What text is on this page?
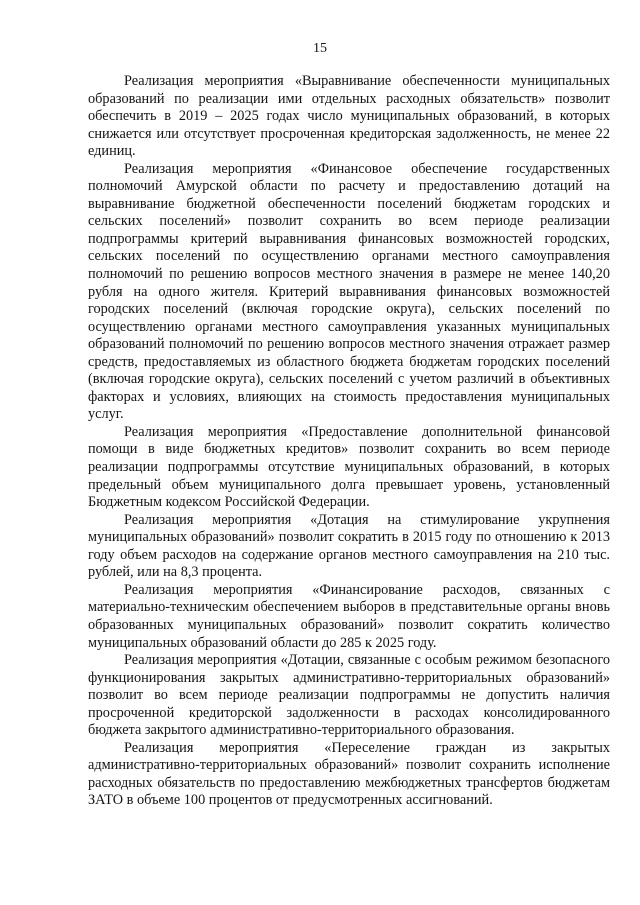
15

Реализация мероприятия «Выравнивание обеспеченности муниципальных образований по реализации ими отдельных расходных обязательств» позволит обеспечить в 2019 – 2025 годах число муниципальных образований, в которых снижается или отсутствует просроченная кредиторская задолженность, не менее 22 единиц.

Реализация мероприятия «Финансовое обеспечение государственных полномочий Амурской области по расчету и предоставлению дотаций на выравнивание бюджетной обеспеченности поселений бюджетам городских и сельских поселений» позволит сохранить во всем периоде реализации подпрограммы критерий выравнивания финансовых возможностей городских, сельских поселений по осуществлению органами местного самоуправления полномочий по решению вопросов местного значения в размере не менее 140,20 рубля на одного жителя. Критерий выравнивания финансовых возможностей городских поселений (включая городские округа), сельских поселений по осуществлению органами местного самоуправления указанных муниципальных образований полномочий по решению вопросов местного значения отражает размер средств, предоставляемых из областного бюджета бюджетам городских поселений (включая городские округа), сельских поселений с учетом различий в объективных факторах и условиях, влияющих на стоимость предоставления муниципальных услуг.

Реализация мероприятия «Предоставление дополнительной финансовой помощи в виде бюджетных кредитов» позволит сохранить во всем периоде реализации подпрограммы отсутствие муниципальных образований, в которых предельный объем муниципального долга превышает уровень, установленный Бюджетным кодексом Российской Федерации.

Реализация мероприятия «Дотация на стимулирование укрупнения муниципальных образований» позволит сократить в 2015 году по отношению к 2013 году объем расходов на содержание органов местного самоуправления на 210 тыс. рублей, или на 8,3 процента.

Реализация мероприятия «Финансирование расходов, связанных с материально-техническим обеспечением выборов в представительные органы вновь образованных муниципальных образований» позволит сократить количество муниципальных образований области до 285 к 2025 году.

Реализация мероприятия «Дотации, связанные с особым режимом безопасного функционирования закрытых административно-территориальных образований» позволит во всем периоде реализации подпрограммы не допустить наличия просроченной кредиторской задолженности в расходах консолидированного бюджета закрытого административно-территориального образования.

Реализация мероприятия «Переселение граждан из закрытых административно-территориальных образований» позволит сохранить исполнение расходных обязательств по предоставлению межбюджетных трансфертов бюджетам ЗАТО в объеме 100 процентов от предусмотренных ассигнований.
